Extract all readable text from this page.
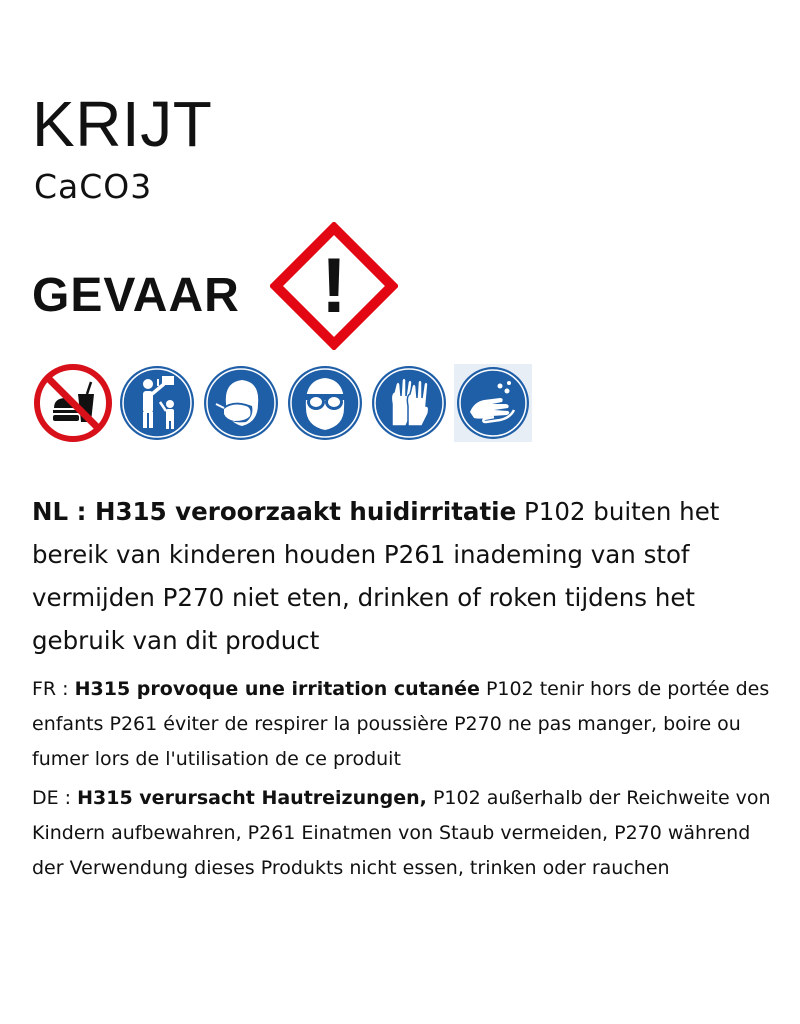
KRIJT
CaCO3
GEVAAR !

NL : H315 veroorzaakt huidirritatie P102 buiten het bereik van kinderen houden P261 inademing van stof vermijden P270 niet eten, drinken of roken tijdens het gebruik van dit product

FR : H315 provoque une irritation cutanée P102 tenir hors de portée des enfants P261 éviter de respirer la poussière P270 ne pas manger, boire ou fumer lors de l'utilisation de ce produit

DE : H315 verursacht Hautreizungen, P102 außerhalb der Reichweite von Kindern aufbewahren, P261 Einatmen von Staub vermeiden, P270 während der Verwendung dieses Produkts nicht essen, trinken oder rauchen
